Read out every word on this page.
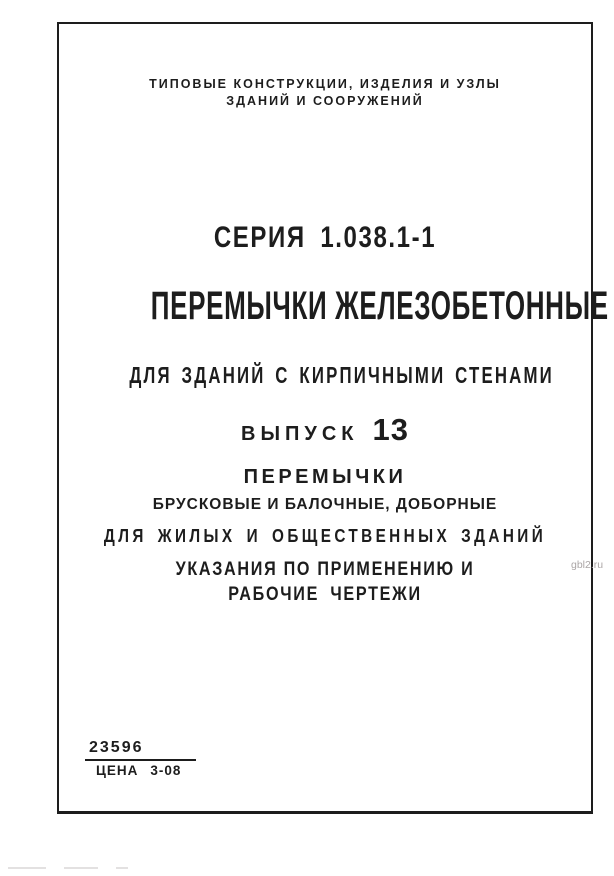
ТИПОВЫЕ КОНСТРУКЦИИ, ИЗДЕЛИЯ И УЗЛЫ
ЗДАНИЙ И СООРУЖЕНИЙ
СЕРИЯ 1.038.1-1
ПЕРЕМЫЧКИ ЖЕЛЕЗОБЕТОННЫЕ
ДЛЯ ЗДАНИЙ С КИРПИЧНЫМИ СТЕНАМИ
ВЫПУСК 13
ПЕРЕМЫЧКИ
БРУСКОВЫЕ И БАЛОЧНЫЕ, ДОБОРНЫЕ
ДЛЯ ЖИЛЫХ И ОБЩЕСТВЕННЫХ ЗДАНИЙ
УКАЗАНИЯ ПО ПРИМЕНЕНИЮ И
РАБОЧИЕ ЧЕРТЕЖИ
23596
ЦЕНА 3-08
gbl2.ru
